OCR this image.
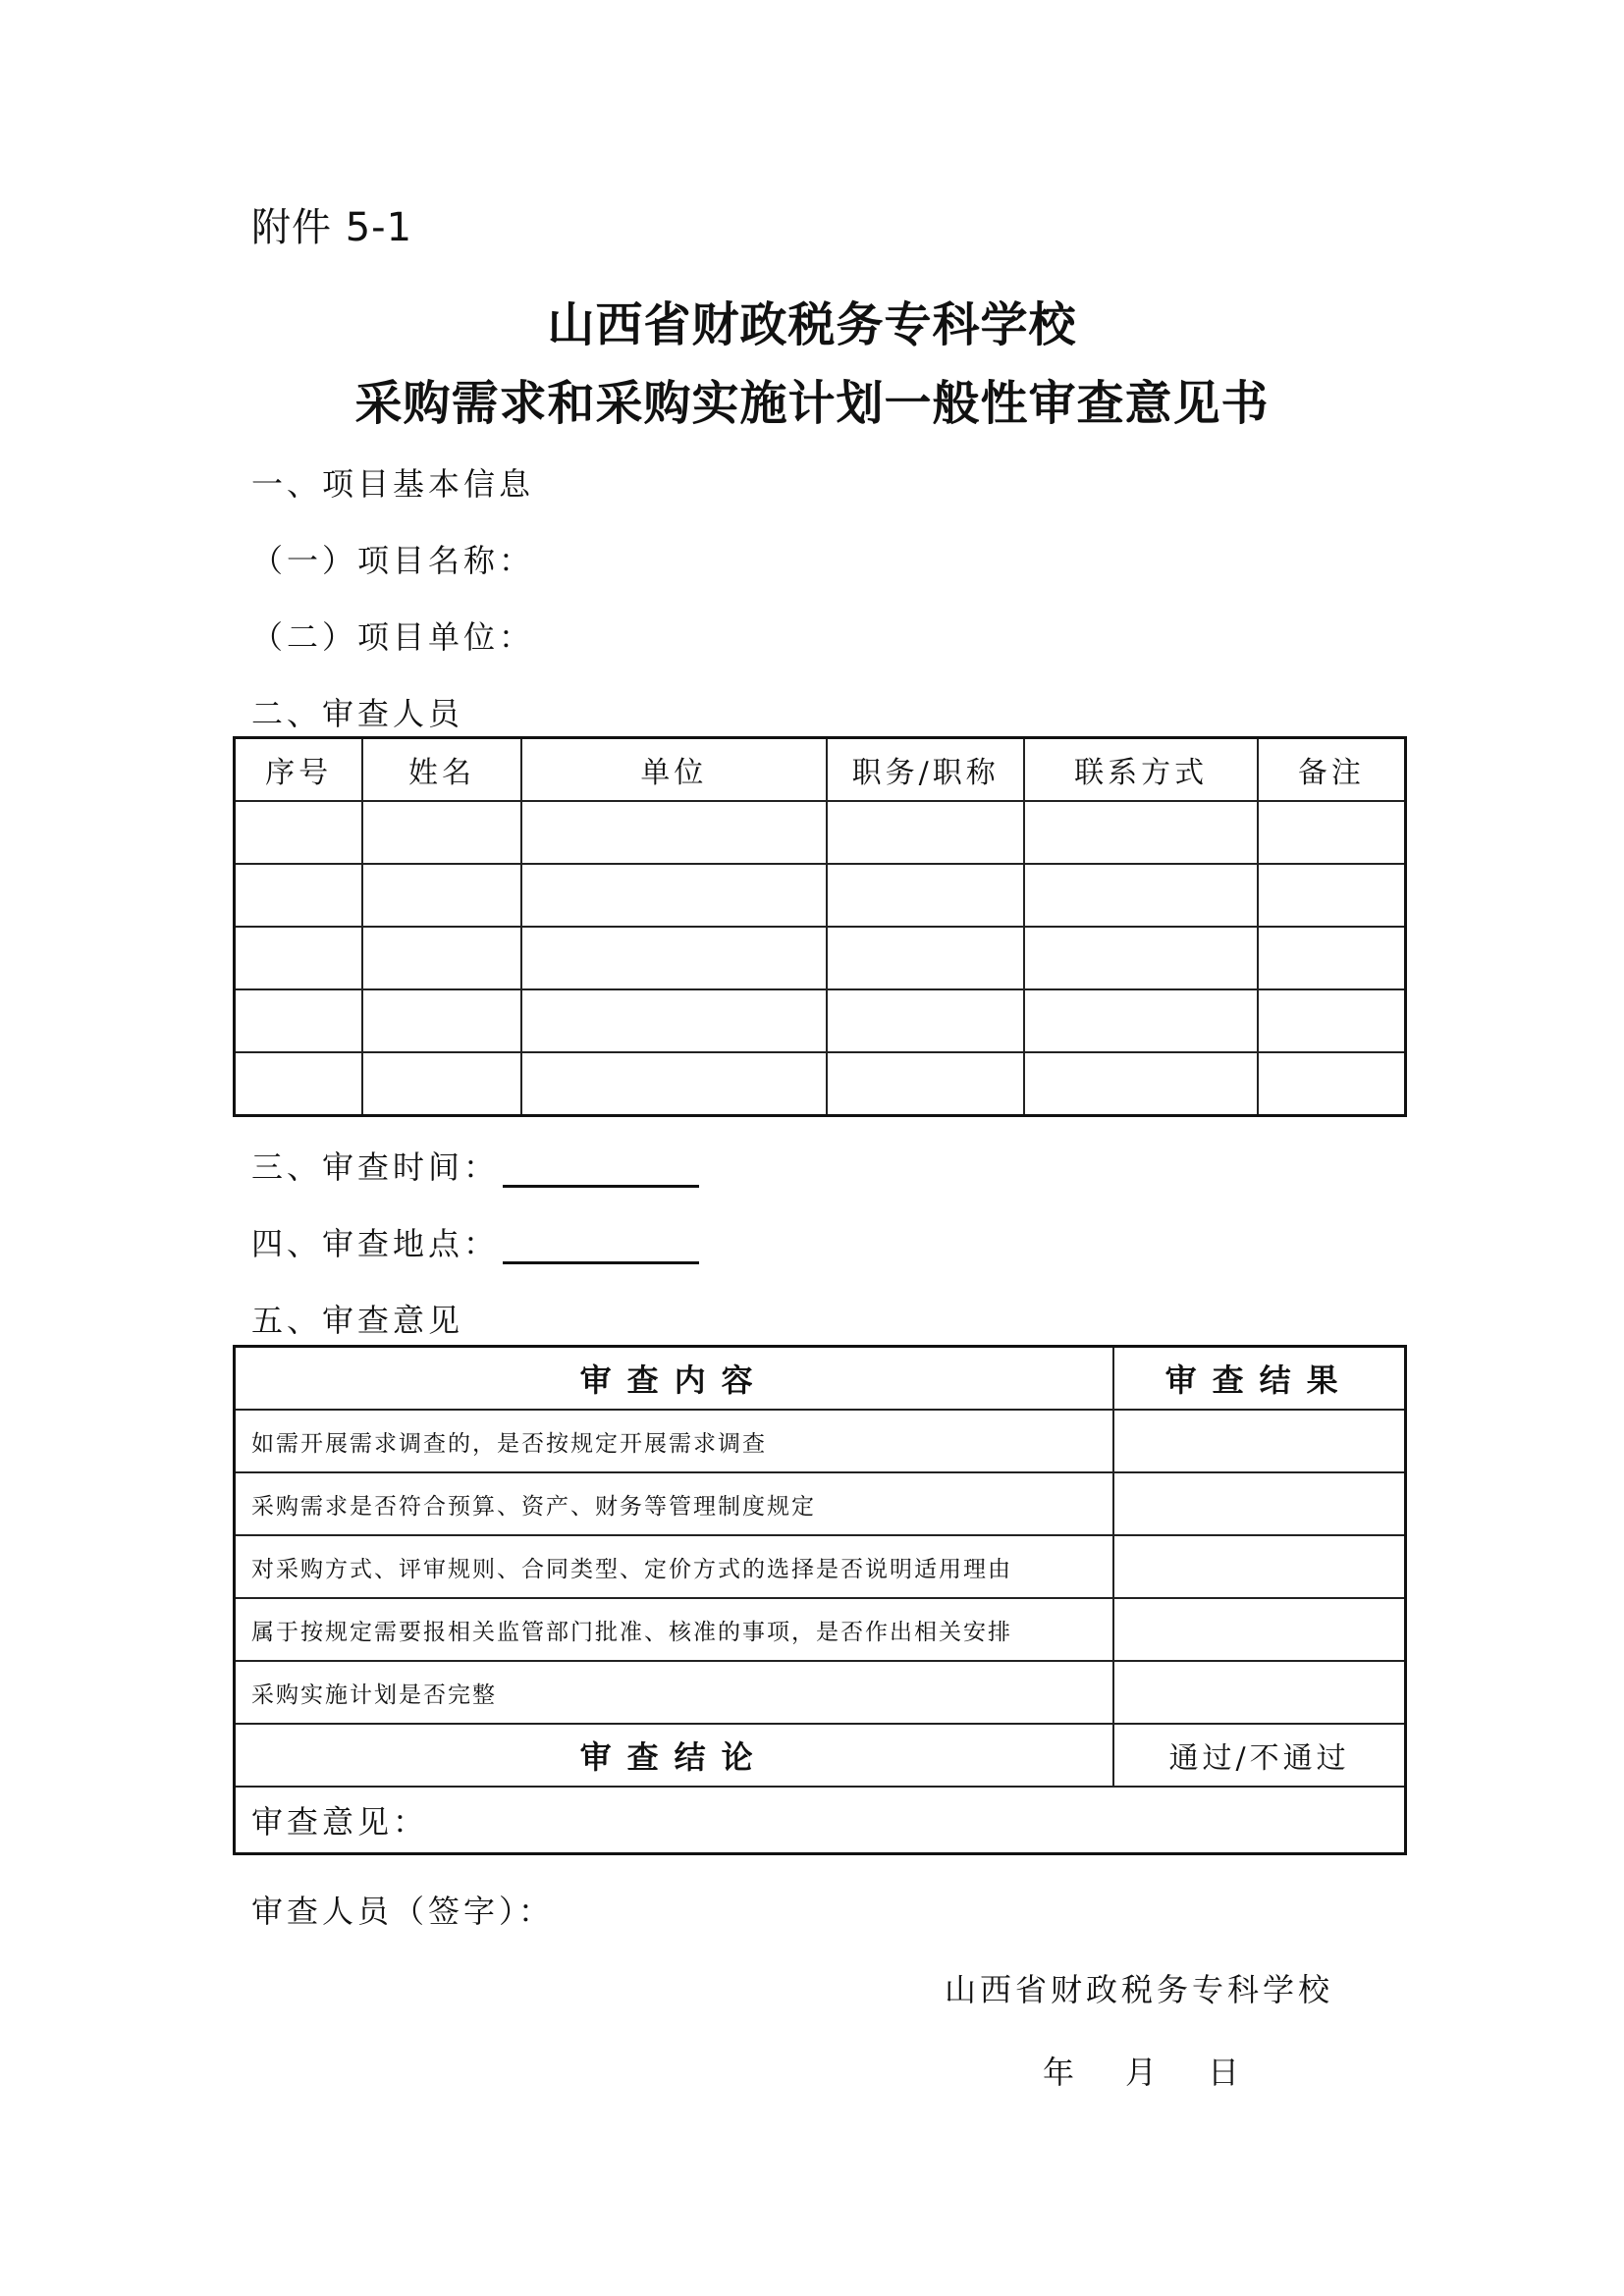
附件 5-1
山西省财政税务专科学校
采购需求和采购实施计划一般性审查意见书
一、项目基本信息
（一）项目名称：
（二）项目单位：
二、审查人员
序号	姓名	单位	职务/职称	联系方式	备注

三、审查时间：
四、审查地点：
五、审查意见
审查内容	审查结果
如需开展需求调查的，是否按规定开展需求调查	
采购需求是否符合预算、资产、财务等管理制度规定	
对采购方式、评审规则、合同类型、定价方式的选择是否说明适用理由	
属于按规定需要报相关监管部门批准、核准的事项，是否作出相关安排	
采购实施计划是否完整	
审查结论	通过/不通过
审查意见：	
审查人员（签字）：
山西省财政税务专科学校
年 月 日
